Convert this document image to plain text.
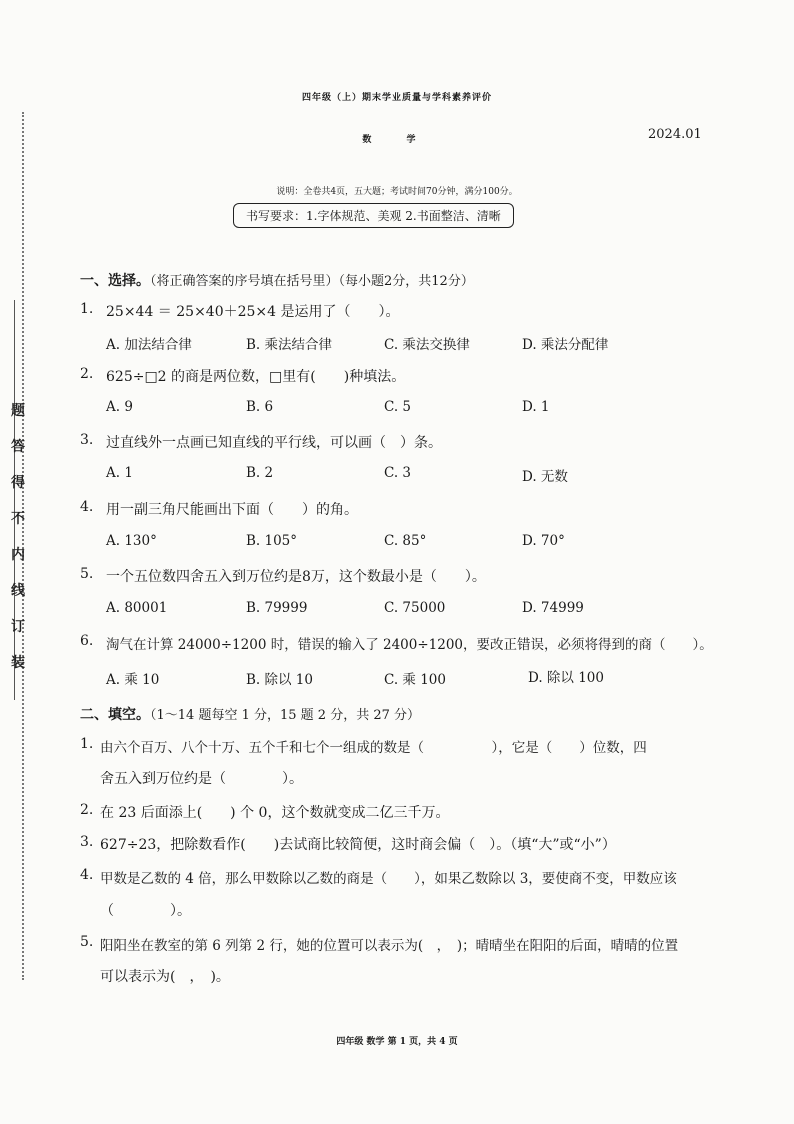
题
答
得
不
内
线
订
装
四年级（上）期末学业质量与学科素养评价
数 学	2024.01
说明：全卷共4页，五大题；考试时间70分钟，满分100分。
书写要求：1.字体规范、美观 2.书面整洁、清晰
一、选择。（将正确答案的序号填在括号里）（每小题2分，共12分）
1. 25×44 ＝ 25×40＋25×4 是运用了（　　）。
A. 加法结合律	B. 乘法结合律	C. 乘法交换律	D. 乘法分配律
2. 625÷□2 的商是两位数，□里有(　　)种填法。
A. 9	B. 6	C. 5	D. 1
3. 过直线外一点画已知直线的平行线，可以画（　）条。
A. 1	B. 2	C. 3	D. 无数
4. 用一副三角尺能画出下面（　　）的角。
A. 130°	B. 105°	C. 85°	D. 70°
5. 一个五位数四舍五入到万位约是8万，这个数最小是（　　）。
A. 80001	B. 79999	C. 75000	D. 74999
6. 淘气在计算 24000÷1200 时，错误的输入了 2400÷1200，要改正错误，必须将得到的商（　　）。
A. 乘 10	B. 除以 10	C. 乘 100	D. 除以 100
二、填空。（1～14 题每空 1 分，15 题 2 分，共 27 分）
1. 由六个百万、八个十万、五个千和七个一组成的数是（　　　　　），它是（　　）位数，四
舍五入到万位约是（　　　　）。
2. 在 23 后面添上(　　) 个 0，这个数就变成二亿三千万。
3. 627÷23，把除数看作(　　)去试商比较简便，这时商会偏（　）。（填“大”或“小”）
4. 甲数是乙数的 4 倍，那么甲数除以乙数的商是（　　），如果乙数除以 3，要使商不变，甲数应该
（　　　　）。
5. 阳阳坐在教室的第 6 列第 2 行，她的位置可以表示为(　，　)；晴晴坐在阳阳的后面，晴晴的位置
可以表示为(　，　)。
四年级 数学 第 1 页，共 4 页
